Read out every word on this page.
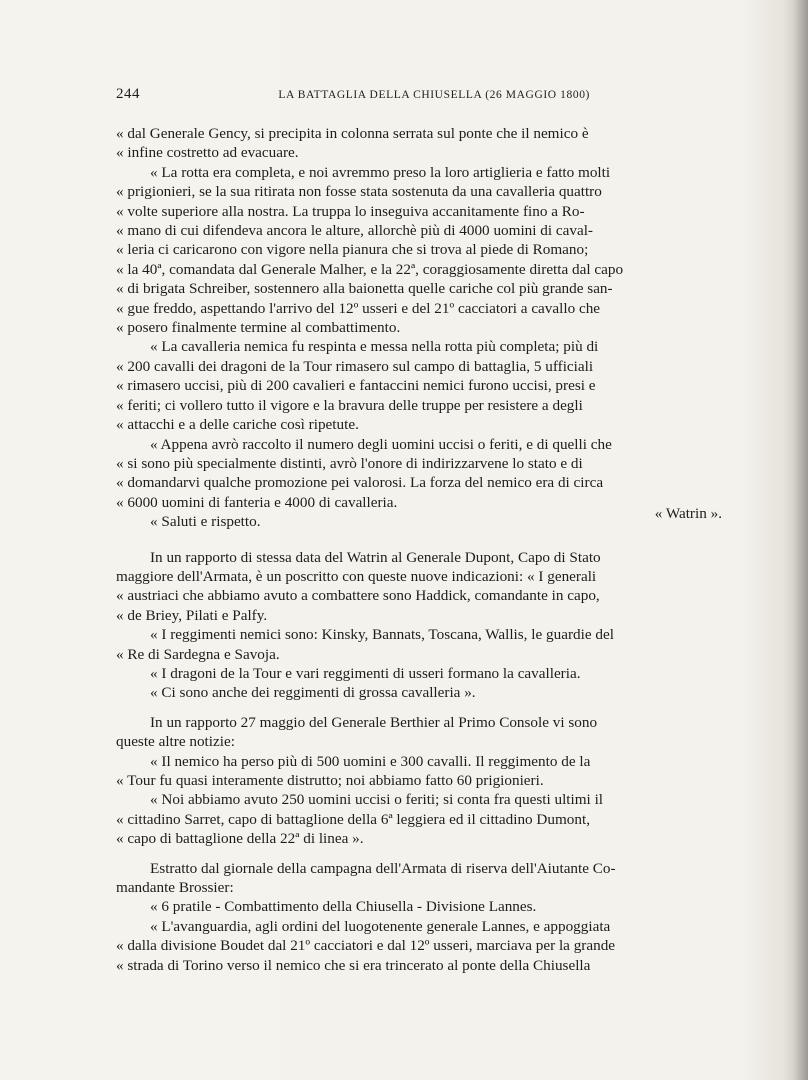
244	LA BATTAGLIA DELLA CHIUSELLA (26 MAGGIO 1800)

« dal Generale Gency, si precipita in colonna serrata sul ponte che il nemico è

« infine costretto ad evacuare.

« La rotta era completa, e noi avremmo preso la loro artiglieria e fatto molti

« prigionieri, se la sua ritirata non fosse stata sostenuta da una cavalleria quattro

« volte superiore alla nostra. La truppa lo inseguiva accanitamente fino a Ro-

« mano di cui difendeva ancora le alture, allorchè più di 4000 uomini di caval-

« leria ci caricarono con vigore nella pianura che si trova al piede di Romano;

« la 40ª, comandata dal Generale Malher, e la 22ª, coraggiosamente diretta dal capo

« di brigata Schreiber, sostennero alla baionetta quelle cariche col più grande san-

« gue freddo, aspettando l'arrivo del 12º usseri e del 21º cacciatori a cavallo che

« posero finalmente termine al combattimento.

« La cavalleria nemica fu respinta e messa nella rotta più completa; più di

« 200 cavalli dei dragoni de la Tour rimasero sul campo di battaglia, 5 ufficiali

« rimasero uccisi, più di 200 cavalieri e fantaccini nemici furono uccisi, presi e

« feriti; ci vollero tutto il vigore e la bravura delle truppe per resistere a degli

« attacchi e a delle cariche così ripetute.

« Appena avrò raccolto il numero degli uomini uccisi o feriti, e di quelli che

« si sono più specialmente distinti, avrò l'onore di indirizzarvene lo stato e di

« domandarvi qualche promozione pei valorosi. La forza del nemico era di circa

« 6000 uomini di fanteria e 4000 di cavalleria.

« Saluti e rispetto.	« Watrin ».

In un rapporto di stessa data del Watrin al Generale Dupont, Capo di Stato

maggiore dell'Armata, è un poscritto con queste nuove indicazioni: « I generali

« austriaci che abbiamo avuto a combattere sono Haddick, comandante in capo,

« de Briey, Pilati e Palfy.

« I reggimenti nemici sono: Kinsky, Bannats, Toscana, Wallis, le guardie del

« Re di Sardegna e Savoja.

« I dragoni de la Tour e vari reggimenti di usseri formano la cavalleria.

« Ci sono anche dei reggimenti di grossa cavalleria ».

In un rapporto 27 maggio del Generale Berthier al Primo Console vi sono

queste altre notizie:

« Il nemico ha perso più di 500 uomini e 300 cavalli. Il reggimento de la

« Tour fu quasi interamente distrutto; noi abbiamo fatto 60 prigionieri.

« Noi abbiamo avuto 250 uomini uccisi o feriti; si conta fra questi ultimi il

« cittadino Sarret, capo di battaglione della 6ª leggiera ed il cittadino Dumont,

« capo di battaglione della 22ª di linea ».

Estratto dal giornale della campagna dell'Armata di riserva dell'Aiutante Co-

mandante Brossier:

« 6 pratile - Combattimento della Chiusella - Divisione Lannes.

« L'avanguardia, agli ordini del luogotenente generale Lannes, e appoggiata

« dalla divisione Boudet dal 21º cacciatori e dal 12º usseri, marciava per la grande

« strada di Torino verso il nemico che si era trincerato al ponte della Chiusella
